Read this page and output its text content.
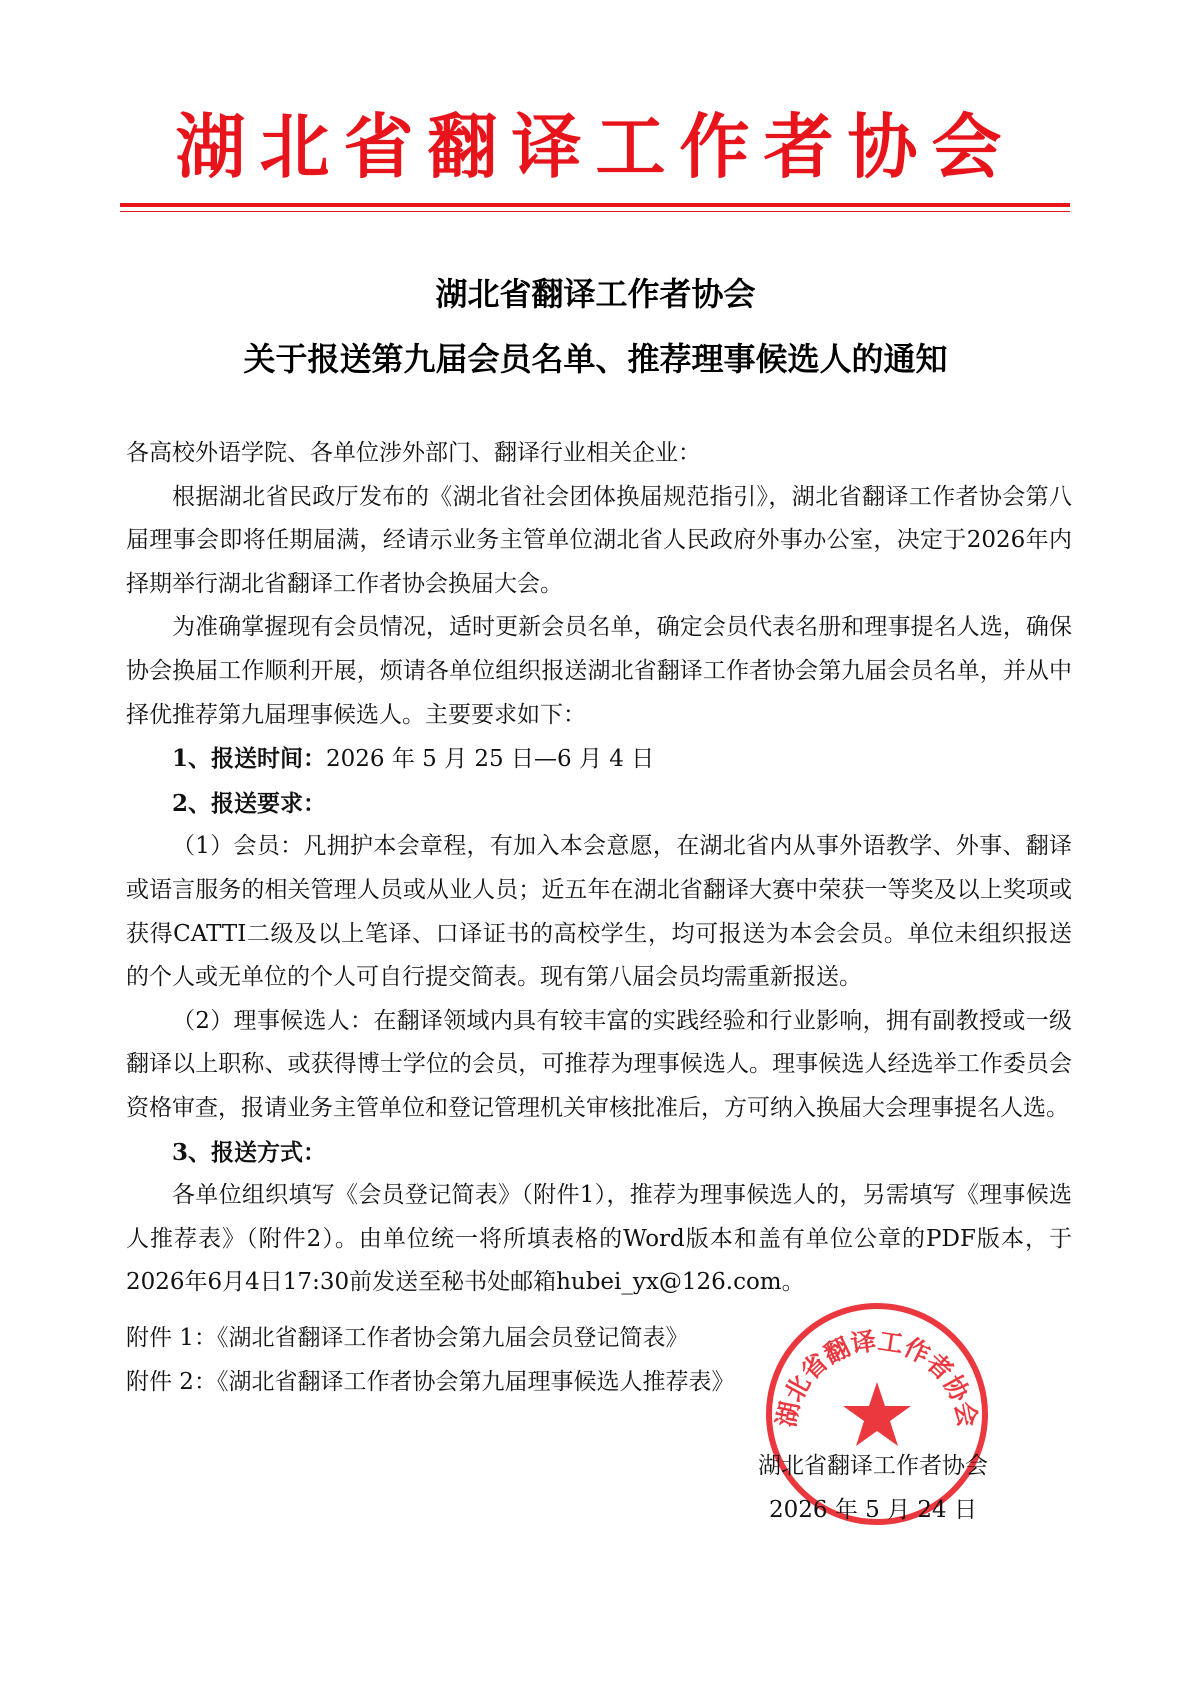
湖北省翻译工作者协会
湖北省翻译工作者协会
关于报送第九届会员名单、推荐理事候选人的通知

各高校外语学院、各单位涉外部门、翻译行业相关企业：

根据湖北省民政厅发布的《湖北省社会团体换届规范指引》，湖北省翻译工作者协会第八届理事会即将任期届满，经请示业务主管单位湖北省人民政府外事办公室，决定于2026年内择期举行湖北省翻译工作者协会换届大会。

为准确掌握现有会员情况，适时更新会员名单，确定会员代表名册和理事提名人选，确保协会换届工作顺利开展，烦请各单位组织报送湖北省翻译工作者协会第九届会员名单，并从中择优推荐第九届理事候选人。主要要求如下：

1、报送时间：2026 年 5 月 25 日—6 月 4 日

2、报送要求：

（1）会员：凡拥护本会章程，有加入本会意愿，在湖北省内从事外语教学、外事、翻译或语言服务的相关管理人员或从业人员；近五年在湖北省翻译大赛中荣获一等奖及以上奖项或获得CATTI二级及以上笔译、口译证书的高校学生，均可报送为本会会员。单位未组织报送的个人或无单位的个人可自行提交简表。现有第八届会员均需重新报送。

（2）理事候选人：在翻译领域内具有较丰富的实践经验和行业影响，拥有副教授或一级翻译以上职称、或获得博士学位的会员，可推荐为理事候选人。理事候选人经选举工作委员会资格审查，报请业务主管单位和登记管理机关审核批准后，方可纳入换届大会理事提名人选。

3、报送方式：

各单位组织填写《会员登记简表》（附件1），推荐为理事候选人的，另需填写《理事候选人推荐表》（附件2）。由单位统一将所填表格的Word版本和盖有单位公章的PDF版本，于2026年6月4日17:30前发送至秘书处邮箱hubei_yx@126.com。

附件 1：《湖北省翻译工作者协会第九届会员登记简表》

附件 2：《湖北省翻译工作者协会第九届理事候选人推荐表》

湖北省翻译工作者协会
湖北省翻译工作者协会
2026 年 5 月 24 日
